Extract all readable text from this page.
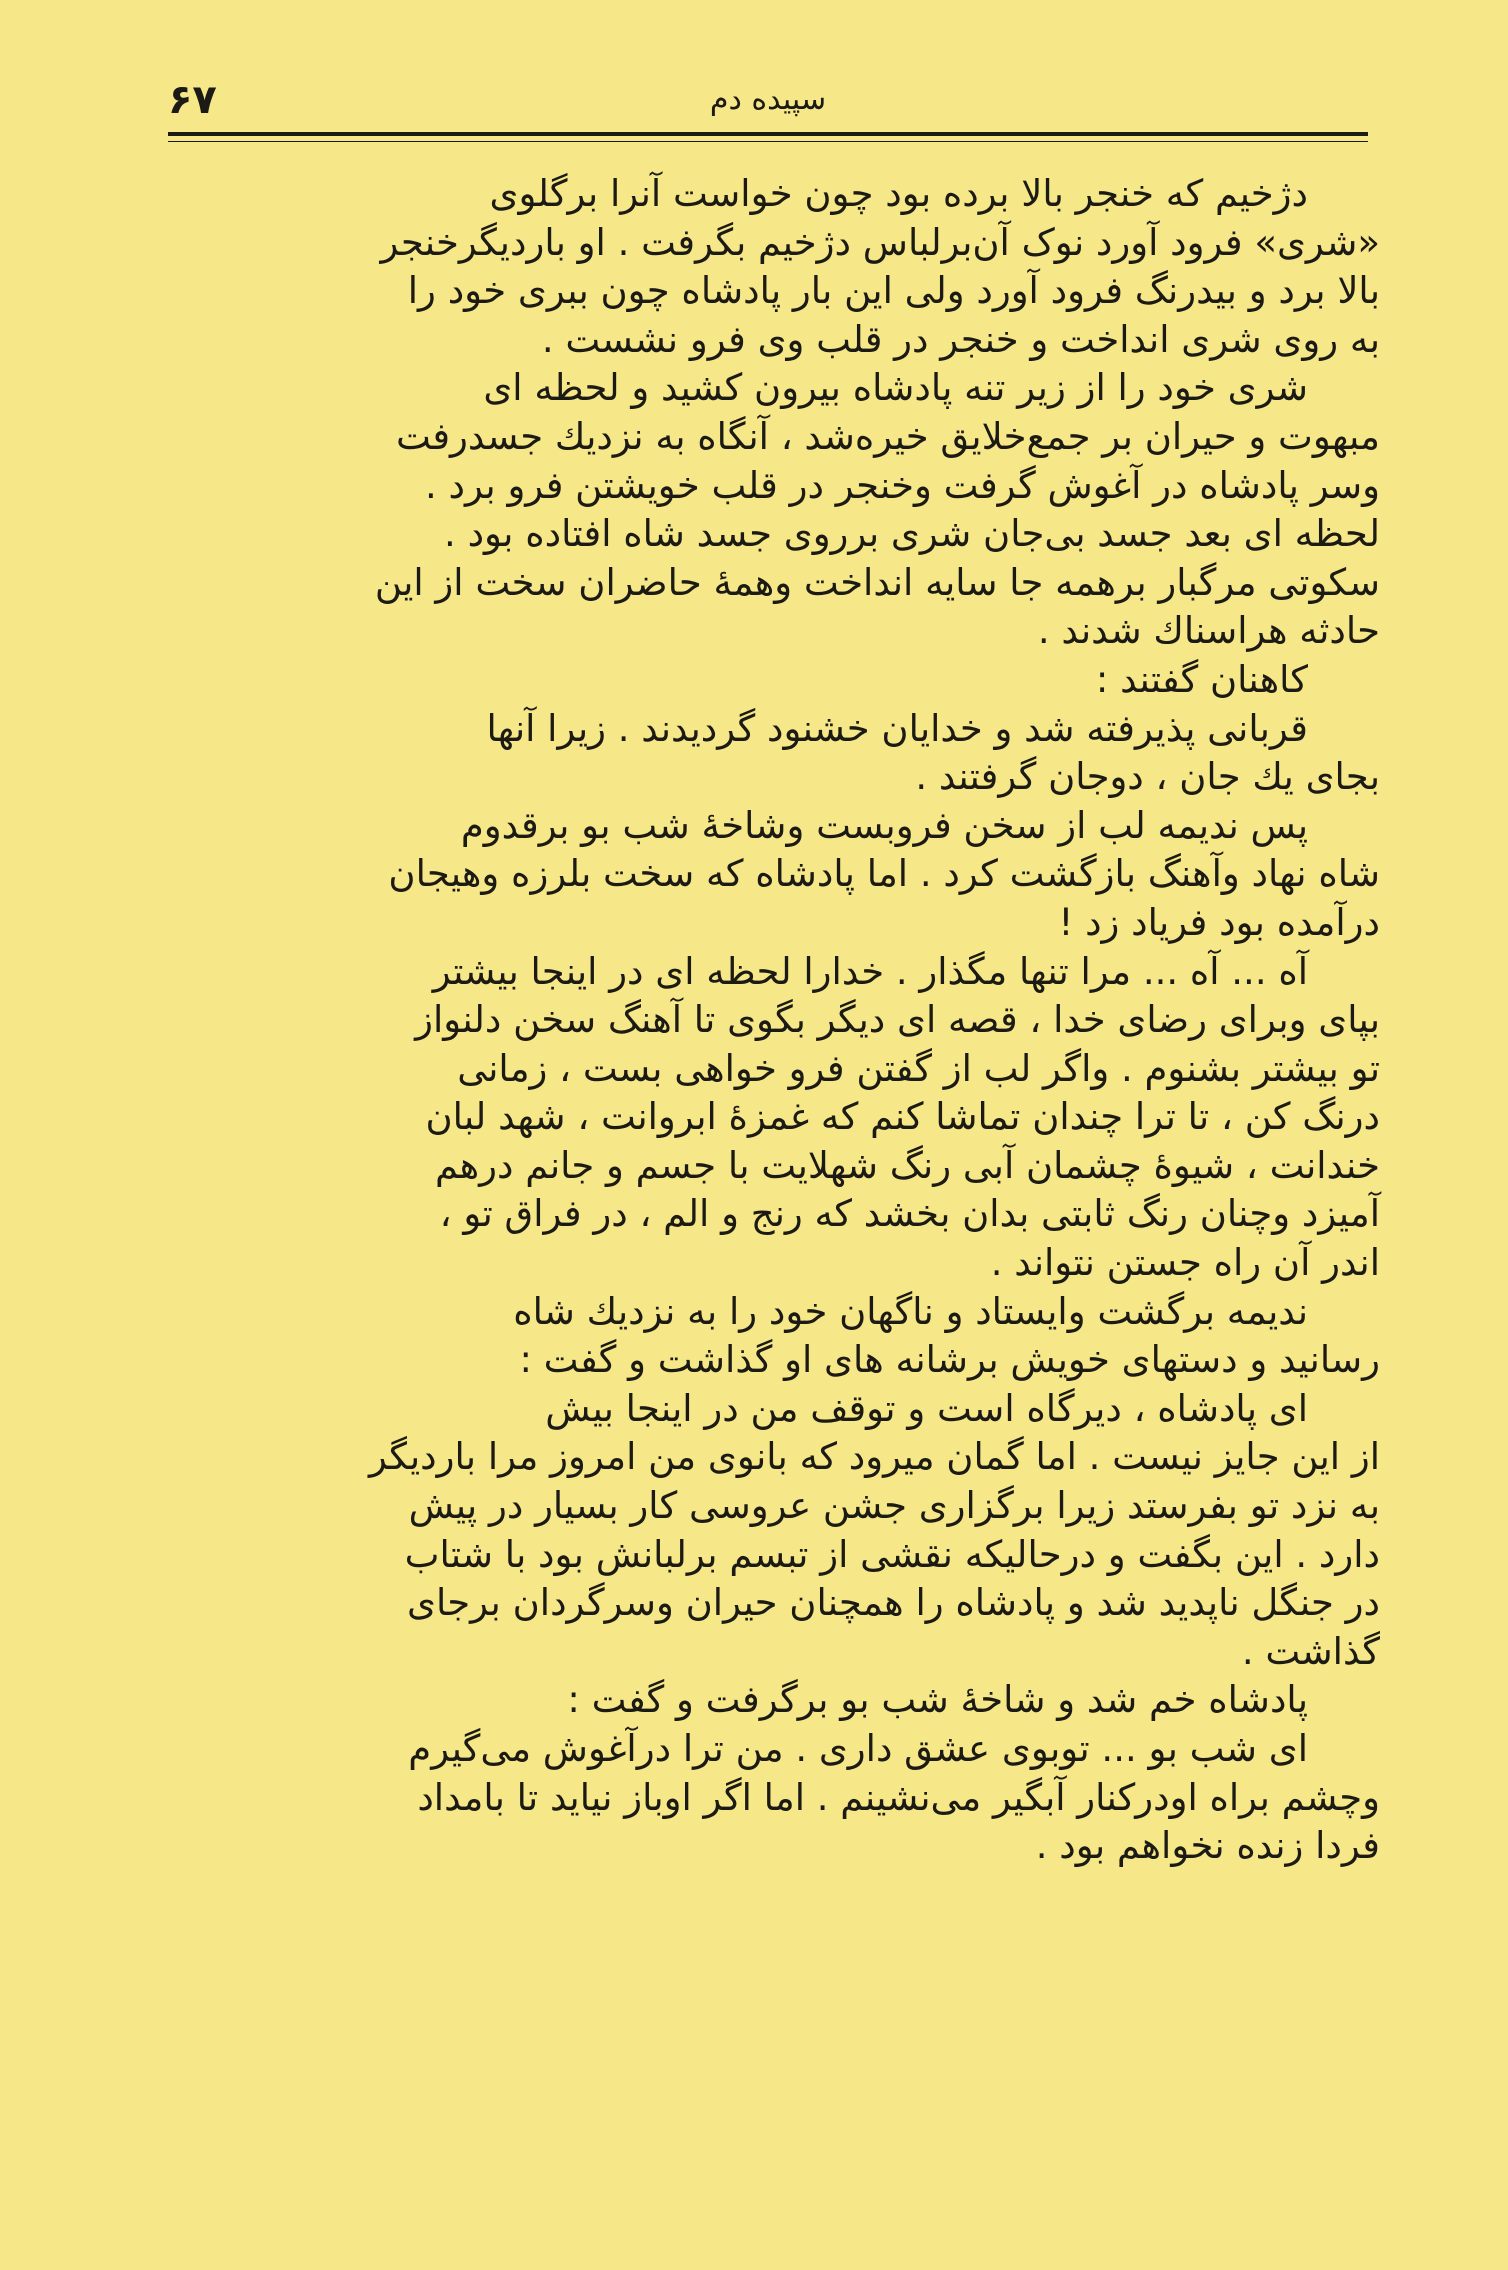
۶۷	سپیده دم
دژخیم که خنجر بالا برده بود چون خواست آنرا برگلوی
«شری» فرود آورد نوک آن‌برلباس دژخیم بگرفت . او باردیگرخنجر
بالا برد و بیدرنگ فرود آورد ولی این بار پادشاه چون ببری خود را
به روی شری انداخت و خنجر در قلب وی فرو نشست .
شری خود را از زیر تنه پادشاه بیرون کشید و لحظه ای
مبهوت و حیران بر جمع‌خلایق خیره‌شد ، آنگاه به نزدیك جسدرفت
وسر پادشاه در آغوش گرفت وخنجر در قلب خویشتن فرو برد .
لحظه ای بعد جسد بی‌جان شری برروی جسد شاه افتاده بود .
سکوتی مرگبار برهمه جا سایه انداخت وهمهٔ حاضران سخت از این
حادثه هراسناك شدند .
کاهنان گفتند :
قربانی پذیرفته شد و خدایان خشنود گردیدند . زیرا آنها
بجای یك جان ، دوجان گرفتند .
پس ندیمه لب از سخن فروبست وشاخهٔ شب بو برقدوم
شاه نهاد وآهنگ بازگشت کرد . اما پادشاه که سخت بلرزه وهیجان
درآمده بود فریاد زد !
آه ... آه ... مرا تنها مگذار . خدارا لحظه ای در اینجا بیشتر
بپای وبرای رضای خدا ، قصه ای دیگر بگوی تا آهنگ سخن دلنواز
تو بیشتر بشنوم . واگر لب از گفتن فرو خواهی بست ، زمانی
درنگ کن ، تا ترا چندان تماشا کنم که غمزهٔ ابروانت ، شهد لبان
خندانت ، شیوهٔ چشمان آبی رنگ شهلایت با جسم و جانم درهم
آمیزد وچنان رنگ ثابتی بدان بخشد که رنج و الم ، در فراق تو ،
اندر آن راه جستن نتواند .
ندیمه برگشت وایستاد و ناگهان خود را به نزدیك شاه
رسانید و دستهای خویش برشانه های او گذاشت و گفت :
ای پادشاه ، دیرگاه است و توقف من در اینجا بیش
از این جایز نیست . اما گمان میرود که بانوی من امروز مرا باردیگر
به نزد تو بفرستد زیرا برگزاری جشن عروسی کار بسیار در پیش
دارد . این بگفت و درحالیکه نقشی از تبسم برلبانش بود با شتاب
در جنگل ناپدید شد و پادشاه را همچنان حیران وسرگردان برجای
گذاشت .
پادشاه خم شد و شاخهٔ شب بو برگرفت و گفت :
ای شب بو ... توبوی عشق داری . من ترا درآغوش می‌گیرم
وچشم براه اودرکنار آبگیر می‌نشینم . اما اگر اوباز نیاید تا بامداد
فردا زنده نخواهم بود .
